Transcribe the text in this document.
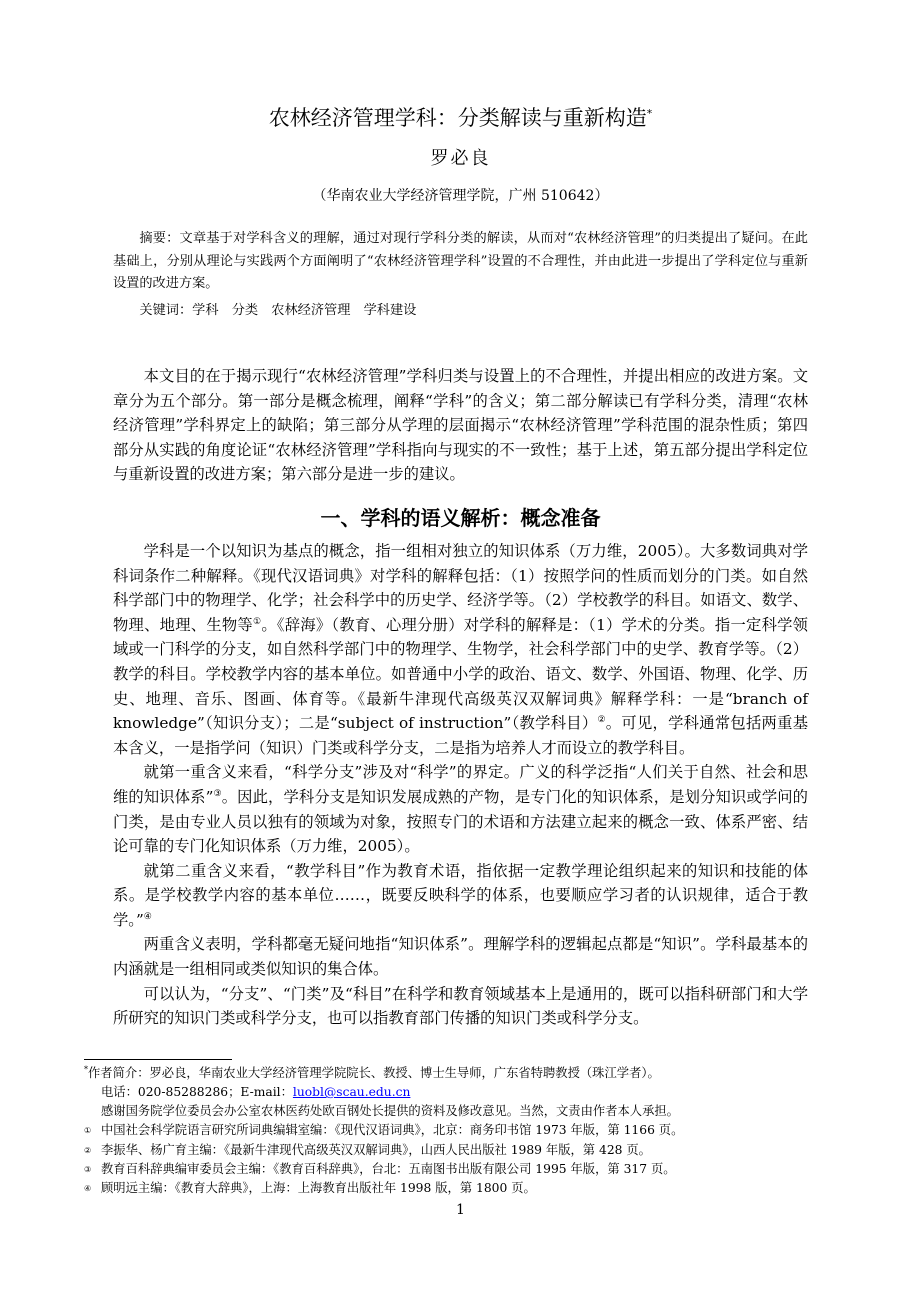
农林经济管理学科：分类解读与重新构造*
罗必良
（华南农业大学经济管理学院，广州 510642）
摘要：文章基于对学科含义的理解，通过对现行学科分类的解读，从而对“农林经济管理”的归类提出了疑问。在此基础上，分别从理论与实践两个方面阐明了“农林经济管理学科”设置的不合理性，并由此进一步提出了学科定位与重新设置的改进方案。
关键词：学科　分类　农林经济管理　学科建设

本文目的在于揭示现行“农林经济管理”学科归类与设置上的不合理性，并提出相应的改进方案。文章分为五个部分。第一部分是概念梳理，阐释“学科”的含义；第二部分解读已有学科分类，清理“农林经济管理”学科界定上的缺陷；第三部分从学理的层面揭示“农林经济管理”学科范围的混杂性质；第四部分从实践的角度论证“农林经济管理”学科指向与现实的不一致性；基于上述，第五部分提出学科定位与重新设置的改进方案；第六部分是进一步的建议。

一、学科的语义解析：概念准备

学科是一个以知识为基点的概念，指一组相对独立的知识体系（万力维，2005）。大多数词典对学科词条作二种解释。《现代汉语词典》对学科的解释包括：（1）按照学问的性质而划分的门类。如自然科学部门中的物理学、化学；社会科学中的历史学、经济学等。（2）学校教学的科目。如语文、数学、物理、地理、生物等①。《辞海》（教育、心理分册）对学科的解释是：（1）学术的分类。指一定科学领域或一门科学的分支，如自然科学部门中的物理学、生物学，社会科学部门中的史学、教育学等。（2）教学的科目。学校教学内容的基本单位。如普通中小学的政治、语文、数学、外国语、物理、化学、历史、地理、音乐、图画、体育等。《最新牛津现代高级英汉双解词典》解释学科：一是“branch of knowledge”（知识分支）；二是“subject of instruction”（教学科目）②。可见，学科通常包括两重基本含义，一是指学问（知识）门类或科学分支，二是指为培养人才而设立的教学科目。

就第一重含义来看，“科学分支”涉及对“科学”的界定。广义的科学泛指“人们关于自然、社会和思维的知识体系”③。因此，学科分支是知识发展成熟的产物，是专门化的知识体系，是划分知识或学问的门类，是由专业人员以独有的领域为对象，按照专门的术语和方法建立起来的概念一致、体系严密、结论可靠的专门化知识体系（万力维，2005）。

就第二重含义来看，“教学科目”作为教育术语，指依据一定教学理论组织起来的知识和技能的体系。是学校教学内容的基本单位……，既要反映科学的体系，也要顺应学习者的认识规律，适合于教学。”④

两重含义表明，学科都毫无疑问地指“知识体系”。理解学科的逻辑起点都是“知识”。学科最基本的内涵就是一组相同或类似知识的集合体。

可以认为，“分支”、“门类”及“科目”在科学和教育领域基本上是通用的，既可以指科研部门和大学所研究的知识门类或科学分支，也可以指教育部门传播的知识门类或科学分支。

*作者简介：罗必良，华南农业大学经济管理学院院长、教授、博士生导师，广东省特聘教授（珠江学者）。
电话：020-85288286；E-mail：luobl@scau.edu.cn
感谢国务院学位委员会办公室农林医药处欧百钢处长提供的资料及修改意见。当然，文责由作者本人承担。
① 中国社会科学院语言研究所词典编辑室编：《现代汉语词典》，北京：商务印书馆 1973 年版，第 1166 页。
② 李振华、杨广育主编：《最新牛津现代高级英汉双解词典》，山西人民出版社 1989 年版，第 428 页。
③ 教育百科辞典编审委员会主编：《教育百科辞典》，台北：五南图书出版有限公司 1995 年版，第 317 页。
④ 顾明远主编：《教育大辞典》，上海：上海教育出版社年 1998 版，第 1800 页。
1
